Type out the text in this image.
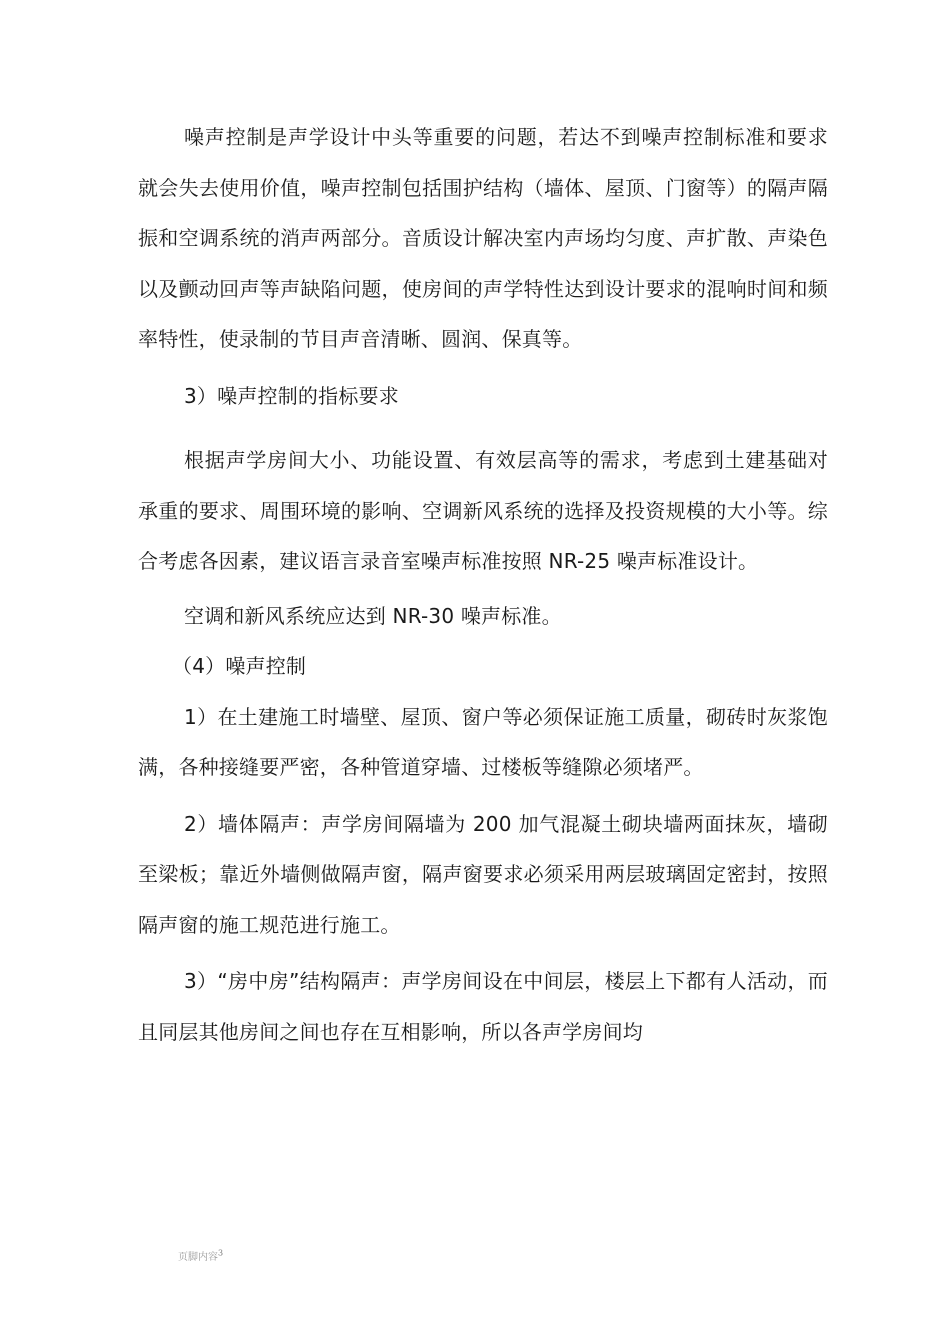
噪声控制是声学设计中头等重要的问题，若达不到噪声控制标准和要求就会失去使用价值，噪声控制包括围护结构（墙体、屋顶、门窗等）的隔声隔振和空调系统的消声两部分。音质设计解决室内声场均匀度、声扩散、声染色以及颤动回声等声缺陷问题，使房间的声学特性达到设计要求的混响时间和频率特性，使录制的节目声音清晰、圆润、保真等。

3）噪声控制的指标要求

根据声学房间大小、功能设置、有效层高等的需求，考虑到土建基础对承重的要求、周围环境的影响、空调新风系统的选择及投资规模的大小等。综合考虑各因素，建议语言录音室噪声标准按照 NR-25 噪声标准设计。

空调和新风系统应达到 NR-30 噪声标准。

（4）噪声控制

1）在土建施工时墙壁、屋顶、窗户等必须保证施工质量，砌砖时灰浆饱满，各种接缝要严密，各种管道穿墙、过楼板等缝隙必须堵严。

2）墙体隔声：声学房间隔墙为 200 加气混凝土砌块墙两面抹灰，墙砌至梁板；靠近外墙侧做隔声窗，隔声窗要求必须采用两层玻璃固定密封，按照隔声窗的施工规范进行施工。

3）“房中房”结构隔声：声学房间设在中间层，楼层上下都有人活动，而且同层其他房间之间也存在互相影响，所以各声学房间均

页脚内容$^3$
